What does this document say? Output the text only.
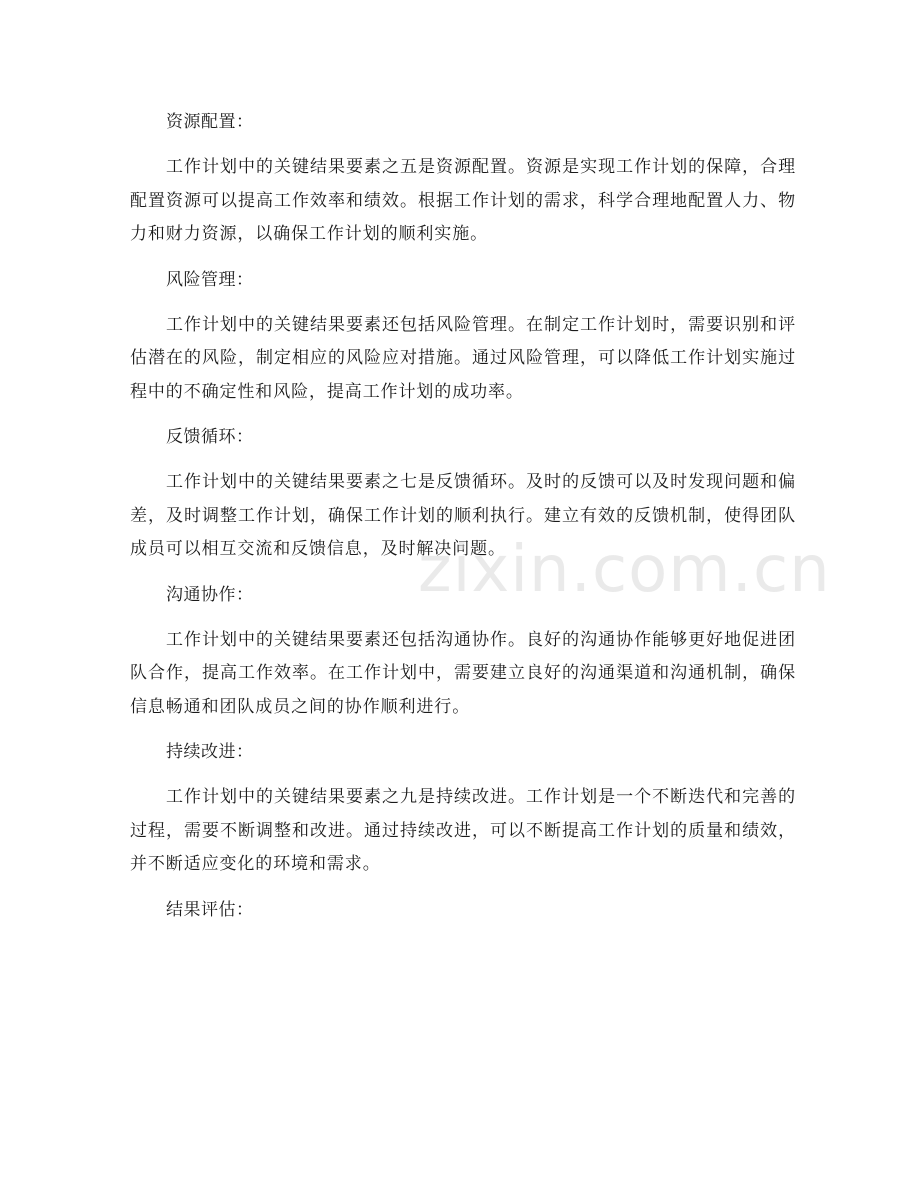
资源配置：

工作计划中的关键结果要素之五是资源配置。资源是实现工作计划的保障，合理配置资源可以提高工作效率和绩效。根据工作计划的需求，科学合理地配置人力、物力和财力资源，以确保工作计划的顺利实施。

风险管理：

工作计划中的关键结果要素还包括风险管理。在制定工作计划时，需要识别和评估潜在的风险，制定相应的风险应对措施。通过风险管理，可以降低工作计划实施过程中的不确定性和风险，提高工作计划的成功率。

反馈循环：

工作计划中的关键结果要素之七是反馈循环。及时的反馈可以及时发现问题和偏差，及时调整工作计划，确保工作计划的顺利执行。建立有效的反馈机制，使得团队成员可以相互交流和反馈信息，及时解决问题。

沟通协作：

工作计划中的关键结果要素还包括沟通协作。良好的沟通协作能够更好地促进团队合作，提高工作效率。在工作计划中，需要建立良好的沟通渠道和沟通机制，确保信息畅通和团队成员之间的协作顺利进行。

持续改进：

工作计划中的关键结果要素之九是持续改进。工作计划是一个不断迭代和完善的过程，需要不断调整和改进。通过持续改进，可以不断提高工作计划的质量和绩效，并不断适应变化的环境和需求。

结果评估：

zixin.com.cn
